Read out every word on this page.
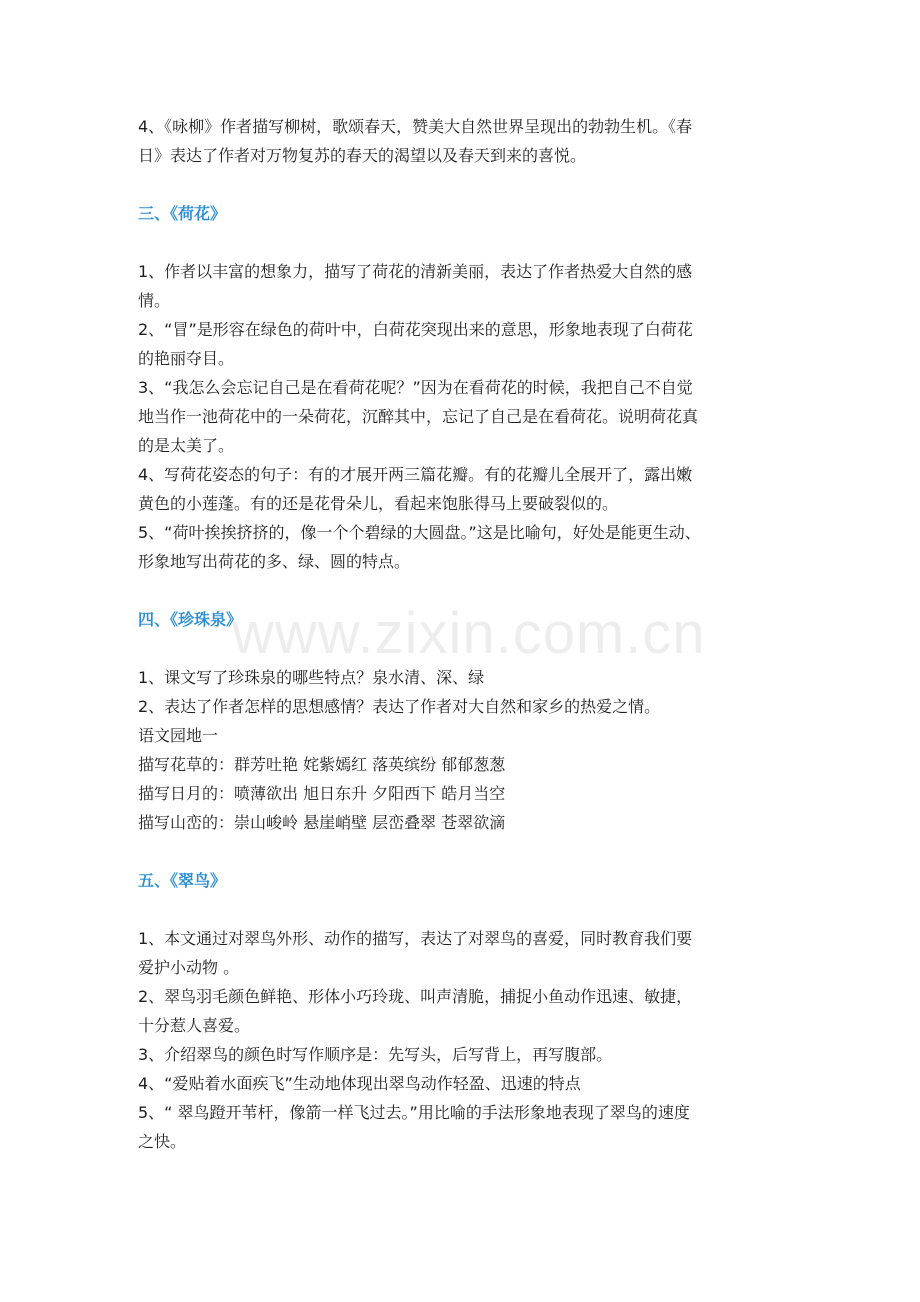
www.zixin.com.cn

4、《咏柳》作者描写柳树，歌颂春天，赞美大自然世界呈现出的勃勃生机。《春

日》表达了作者对万物复苏的春天的渴望以及春天到来的喜悦。

三、《荷花》

1、作者以丰富的想象力，描写了荷花的清新美丽，表达了作者热爱大自然的感

情。

2、“冒”是形容在绿色的荷叶中，白荷花突现出来的意思，形象地表现了白荷花

的艳丽夺目。

3、“我怎么会忘记自己是在看荷花呢？”因为在看荷花的时候，我把自己不自觉

地当作一池荷花中的一朵荷花，沉醉其中，忘记了自己是在看荷花。说明荷花真

的是太美了。

4、写荷花姿态的句子：有的才展开两三篇花瓣。有的花瓣儿全展开了，露出嫩

黄色的小莲蓬。有的还是花骨朵儿，看起来饱胀得马上要破裂似的。

5、“荷叶挨挨挤挤的，像一个个碧绿的大圆盘。”这是比喻句，好处是能更生动、

形象地写出荷花的多、绿、圆的特点。

四、《珍珠泉》

1、课文写了珍珠泉的哪些特点？泉水清、深、绿

2、表达了作者怎样的思想感情？表达了作者对大自然和家乡的热爱之情。

语文园地一

描写花草的：群芳吐艳 姹紫嫣红 落英缤纷 郁郁葱葱

描写日月的：喷薄欲出 旭日东升 夕阳西下 皓月当空

描写山峦的：崇山峻岭 悬崖峭壁 层峦叠翠 苍翠欲滴

五、《翠鸟》

1、本文通过对翠鸟外形、动作的描写，表达了对翠鸟的喜爱，同时教育我们要

爱护小动物 。

2、翠鸟羽毛颜色鲜艳、形体小巧玲珑、叫声清脆，捕捉小鱼动作迅速、敏捷，

十分惹人喜爱。

3、介绍翠鸟的颜色时写作顺序是：先写头，后写背上，再写腹部。

4、“爱贴着水面疾飞”生动地体现出翠鸟动作轻盈、迅速的特点

5、“ 翠鸟蹬开苇杆，像箭一样飞过去。”用比喻的手法形象地表现了翠鸟的速度

之快。
